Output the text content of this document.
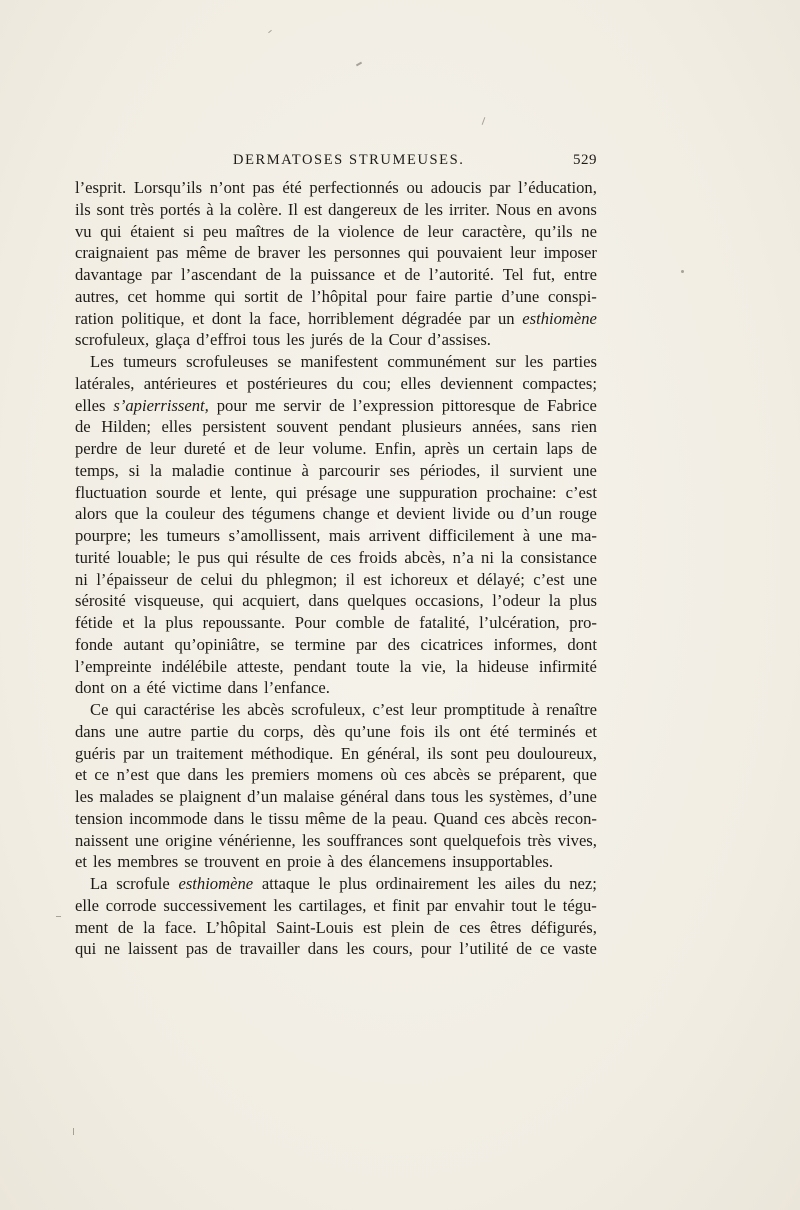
DERMATOSES STRUMEUSES.	529
l’esprit. Lorsqu’ils n’ont pas été perfectionnés ou adoucis par l’éducation,
ils sont très portés à la colère. Il est dangereux de les irriter. Nous en avons
vu qui étaient si peu maîtres de la violence de leur caractère, qu’ils ne
craignaient pas même de braver les personnes qui pouvaient leur imposer
davantage par l’ascendant de la puissance et de l’autorité. Tel fut, entre
autres, cet homme qui sortit de l’hôpital pour faire partie d’une conspi-
ration politique, et dont la face, horriblement dégradée par un esthiomène
scrofuleux, glaça d’effroi tous les jurés de la Cour d’assises.
Les tumeurs scrofuleuses se manifestent communément sur les parties
latérales, antérieures et postérieures du cou; elles deviennent compactes;
elles s’apierrissent, pour me servir de l’expression pittoresque de Fabrice
de Hilden; elles persistent souvent pendant plusieurs années, sans rien
perdre de leur dureté et de leur volume. Enfin, après un certain laps de
temps, si la maladie continue à parcourir ses périodes, il survient une
fluctuation sourde et lente, qui présage une suppuration prochaine: c’est
alors que la couleur des tégumens change et devient livide ou d’un rouge
pourpre; les tumeurs s’amollissent, mais arrivent difficilement à une ma-
turité louable; le pus qui résulte de ces froids abcès, n’a ni la consistance
ni l’épaisseur de celui du phlegmon; il est ichoreux et délayé; c’est une
sérosité visqueuse, qui acquiert, dans quelques occasions, l’odeur la plus
fétide et la plus repoussante. Pour comble de fatalité, l’ulcération, pro-
fonde autant qu’opiniâtre, se termine par des cicatrices informes, dont
l’empreinte indélébile atteste, pendant toute la vie, la hideuse infirmité
dont on a été victime dans l’enfance.
Ce qui caractérise les abcès scrofuleux, c’est leur promptitude à renaître
dans une autre partie du corps, dès qu’une fois ils ont été terminés et
guéris par un traitement méthodique. En général, ils sont peu douloureux,
et ce n’est que dans les premiers momens où ces abcès se préparent, que
les malades se plaignent d’un malaise général dans tous les systèmes, d’une
tension incommode dans le tissu même de la peau. Quand ces abcès recon-
naissent une origine vénérienne, les souffrances sont quelquefois très vives,
et les membres se trouvent en proie à des élancemens insupportables.
La scrofule esthiomène attaque le plus ordinairement les ailes du nez;
elle corrode successivement les cartilages, et finit par envahir tout le tégu-
ment de la face. L’hôpital Saint-Louis est plein de ces êtres défigurés,
qui ne laissent pas de travailler dans les cours, pour l’utilité de ce vaste
